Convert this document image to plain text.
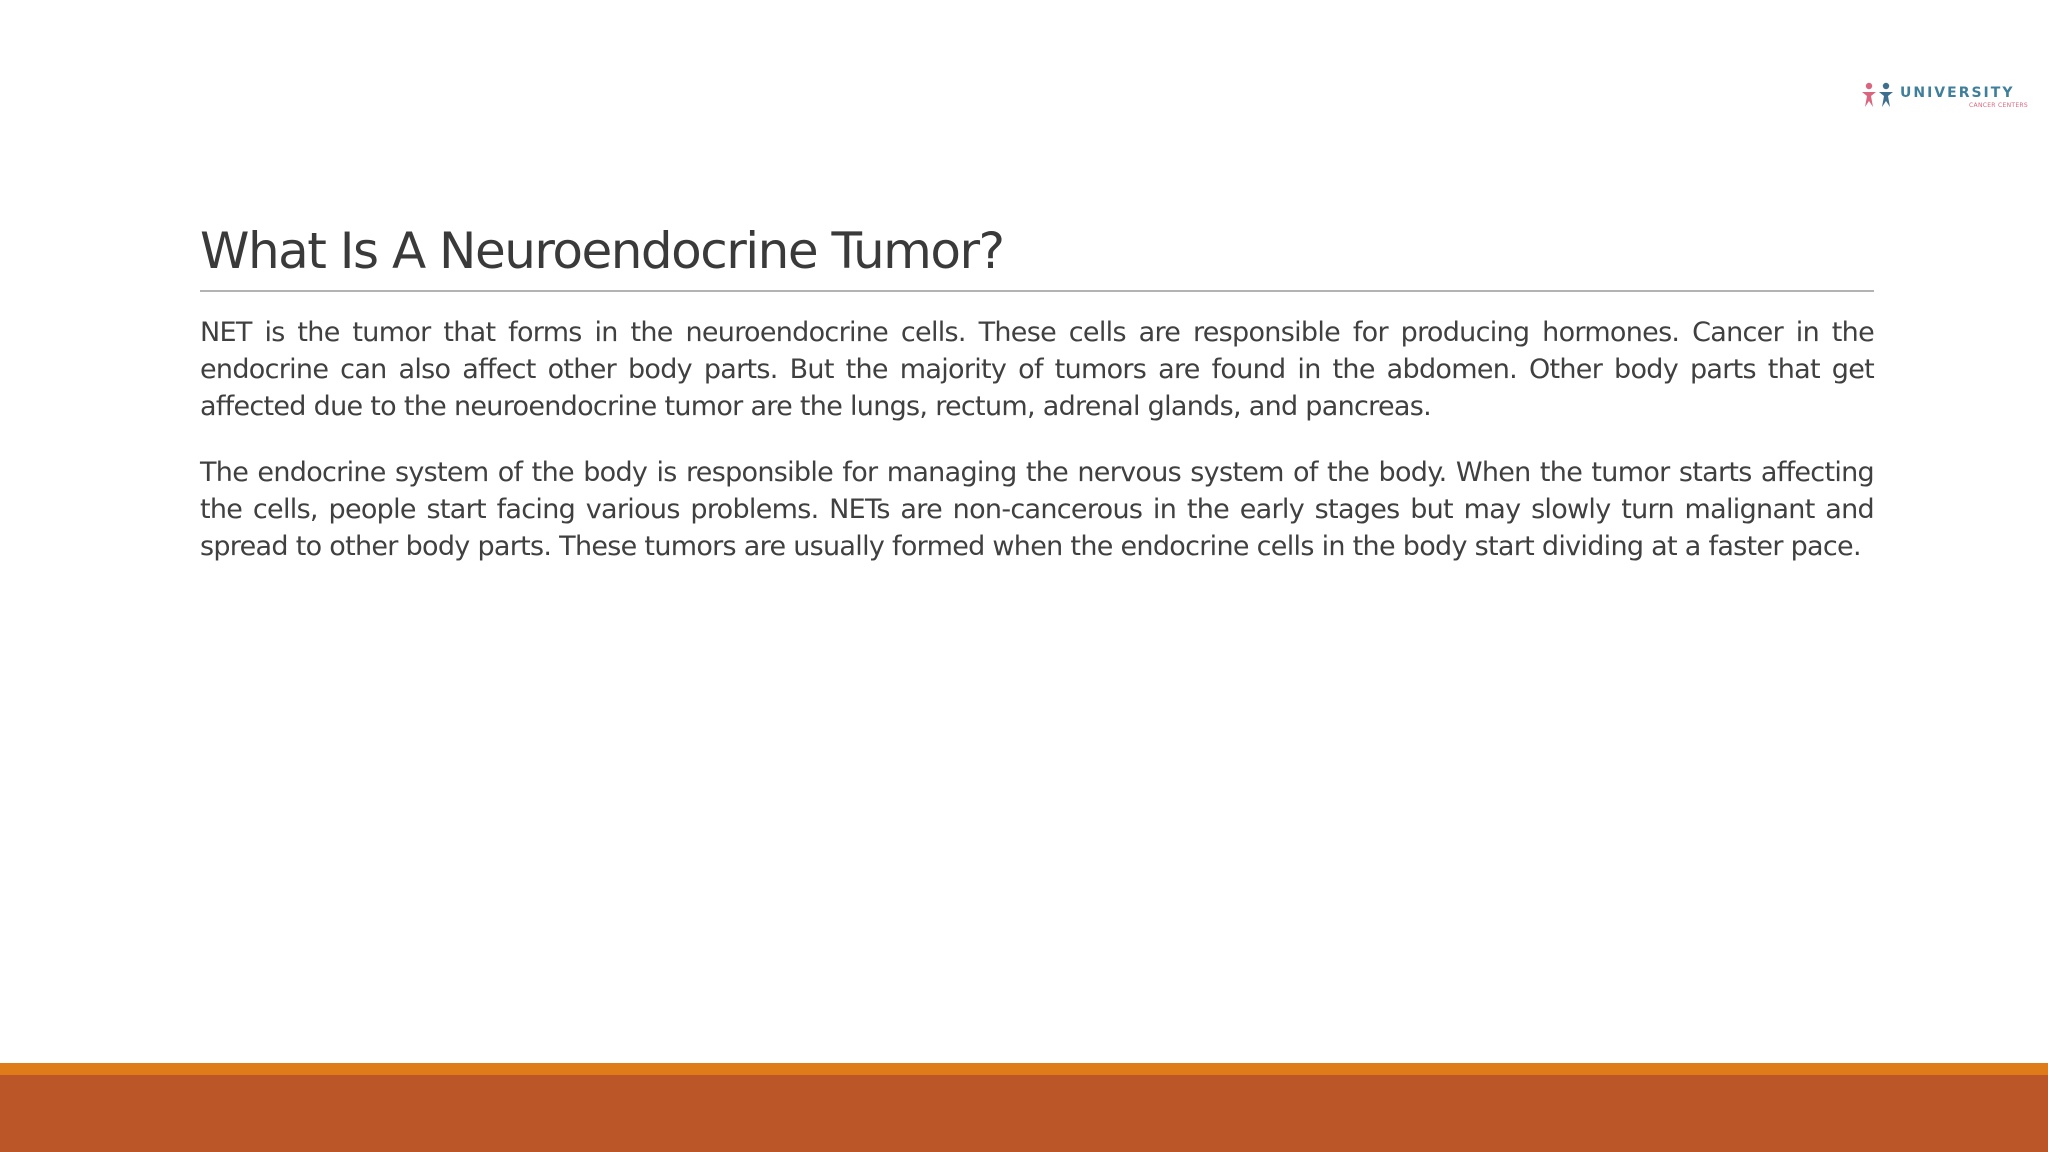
UNIVERSITY
CANCER CENTERS
What Is A Neuroendocrine Tumor?

NET is the tumor that forms in the neuroendocrine cells. These cells are responsible for producing hormones. Cancer in the endocrine can also affect other body parts. But the majority of tumors are found in the abdomen. Other body parts that get affected due to the neuroendocrine tumor are the lungs, rectum, adrenal glands, and pancreas.

The endocrine system of the body is responsible for managing the nervous system of the body. When the tumor starts affecting the cells, people start facing various problems. NETs are non-cancerous in the early stages but may slowly turn malignant and spread to other body parts. These tumors are usually formed when the endocrine cells in the body start dividing at a faster pace.
